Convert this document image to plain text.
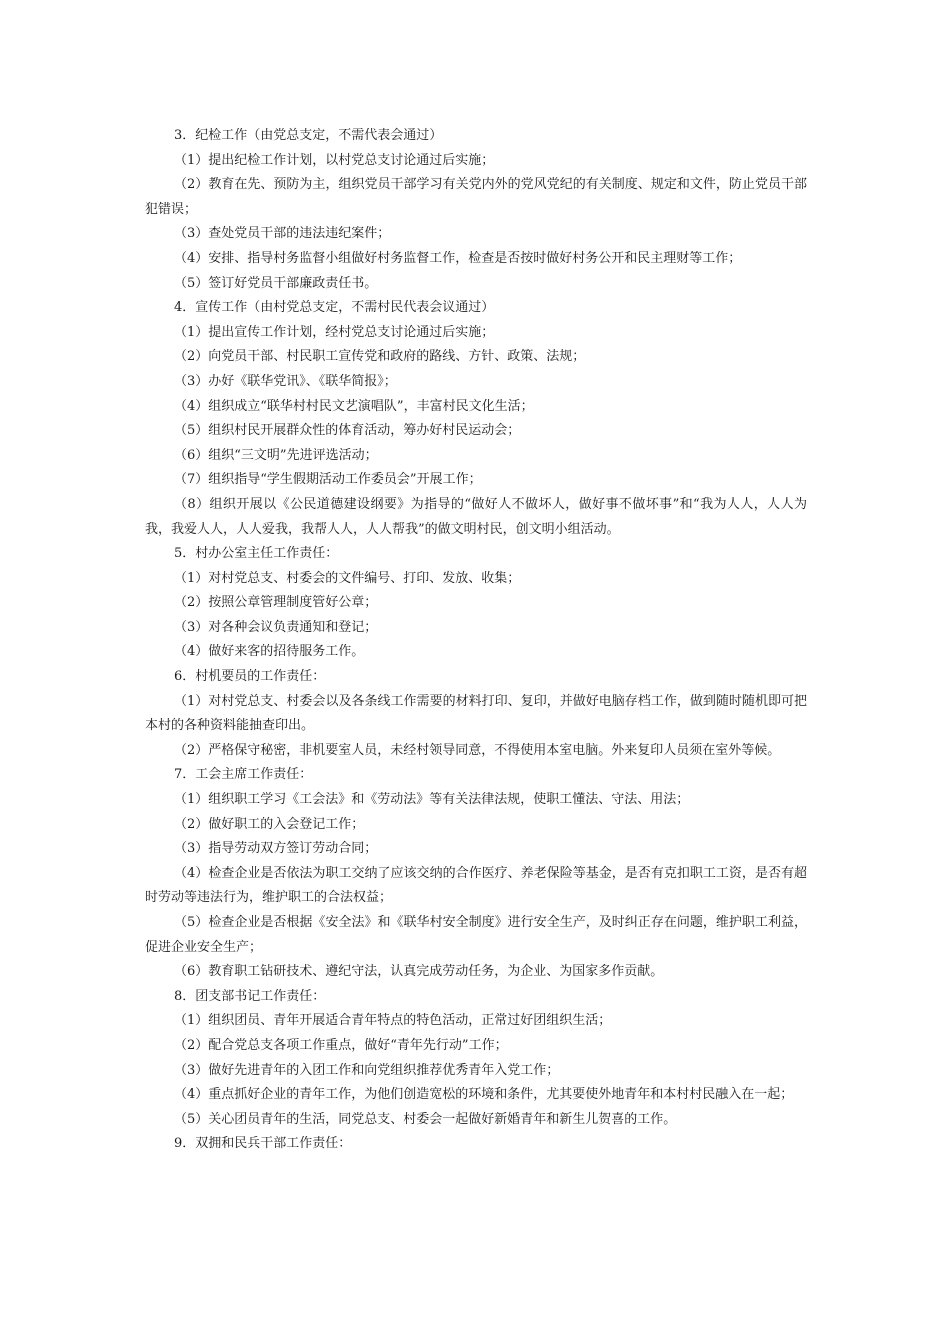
3．纪检工作（由党总支定，不需代表会通过）

（1）提出纪检工作计划，以村党总支讨论通过后实施；

（2）教育在先、预防为主，组织党员干部学习有关党内外的党风党纪的有关制度、规定和文件，防止党员干部犯错误；

（3）查处党员干部的违法违纪案件；

（4）安排、指导村务监督小组做好村务监督工作，检查是否按时做好村务公开和民主理财等工作；

（5）签订好党员干部廉政责任书。

4．宣传工作（由村党总支定，不需村民代表会议通过）

（1）提出宣传工作计划，经村党总支讨论通过后实施；

（2）向党员干部、村民职工宣传党和政府的路线、方针、政策、法规；

（3）办好《联华党讯》、《联华简报》；

（4）组织成立“联华村村民文艺演唱队”，丰富村民文化生活；

（5）组织村民开展群众性的体育活动，筹办好村民运动会；

（6）组织“三文明”先进评选活动；

（7）组织指导“学生假期活动工作委员会”开展工作；

（8）组织开展以《公民道德建设纲要》为指导的“做好人不做坏人，做好事不做坏事”和“我为人人，人人为我，我爱人人，人人爱我，我帮人人，人人帮我”的做文明村民，创文明小组活动。

5．村办公室主任工作责任：

（1）对村党总支、村委会的文件编号、打印、发放、收集；

（2）按照公章管理制度管好公章；

（3）对各种会议负责通知和登记；

（4）做好来客的招待服务工作。

6．村机要员的工作责任：

（1）对村党总支、村委会以及各条线工作需要的材料打印、复印，并做好电脑存档工作，做到随时随机即可把本村的各种资料能抽查印出。

（2）严格保守秘密，非机要室人员，未经村领导同意，不得使用本室电脑。外来复印人员须在室外等候。

7．工会主席工作责任：

（1）组织职工学习《工会法》和《劳动法》等有关法律法规，使职工懂法、守法、用法；

（2）做好职工的入会登记工作；

（3）指导劳动双方签订劳动合同；

（4）检查企业是否依法为职工交纳了应该交纳的合作医疗、养老保险等基金，是否有克扣职工工资，是否有超时劳动等违法行为，维护职工的合法权益；

（5）检查企业是否根据《安全法》和《联华村安全制度》进行安全生产，及时纠正存在问题，维护职工利益，促进企业安全生产；

（6）教育职工钻研技术、遵纪守法，认真完成劳动任务，为企业、为国家多作贡献。

8．团支部书记工作责任：

（1）组织团员、青年开展适合青年特点的特色活动，正常过好团组织生活；

（2）配合党总支各项工作重点，做好“青年先行动”工作；

（3）做好先进青年的入团工作和向党组织推荐优秀青年入党工作；

（4）重点抓好企业的青年工作，为他们创造宽松的环境和条件，尤其要使外地青年和本村村民融入在一起；

（5）关心团员青年的生活，同党总支、村委会一起做好新婚青年和新生儿贺喜的工作。

9．双拥和民兵干部工作责任：
